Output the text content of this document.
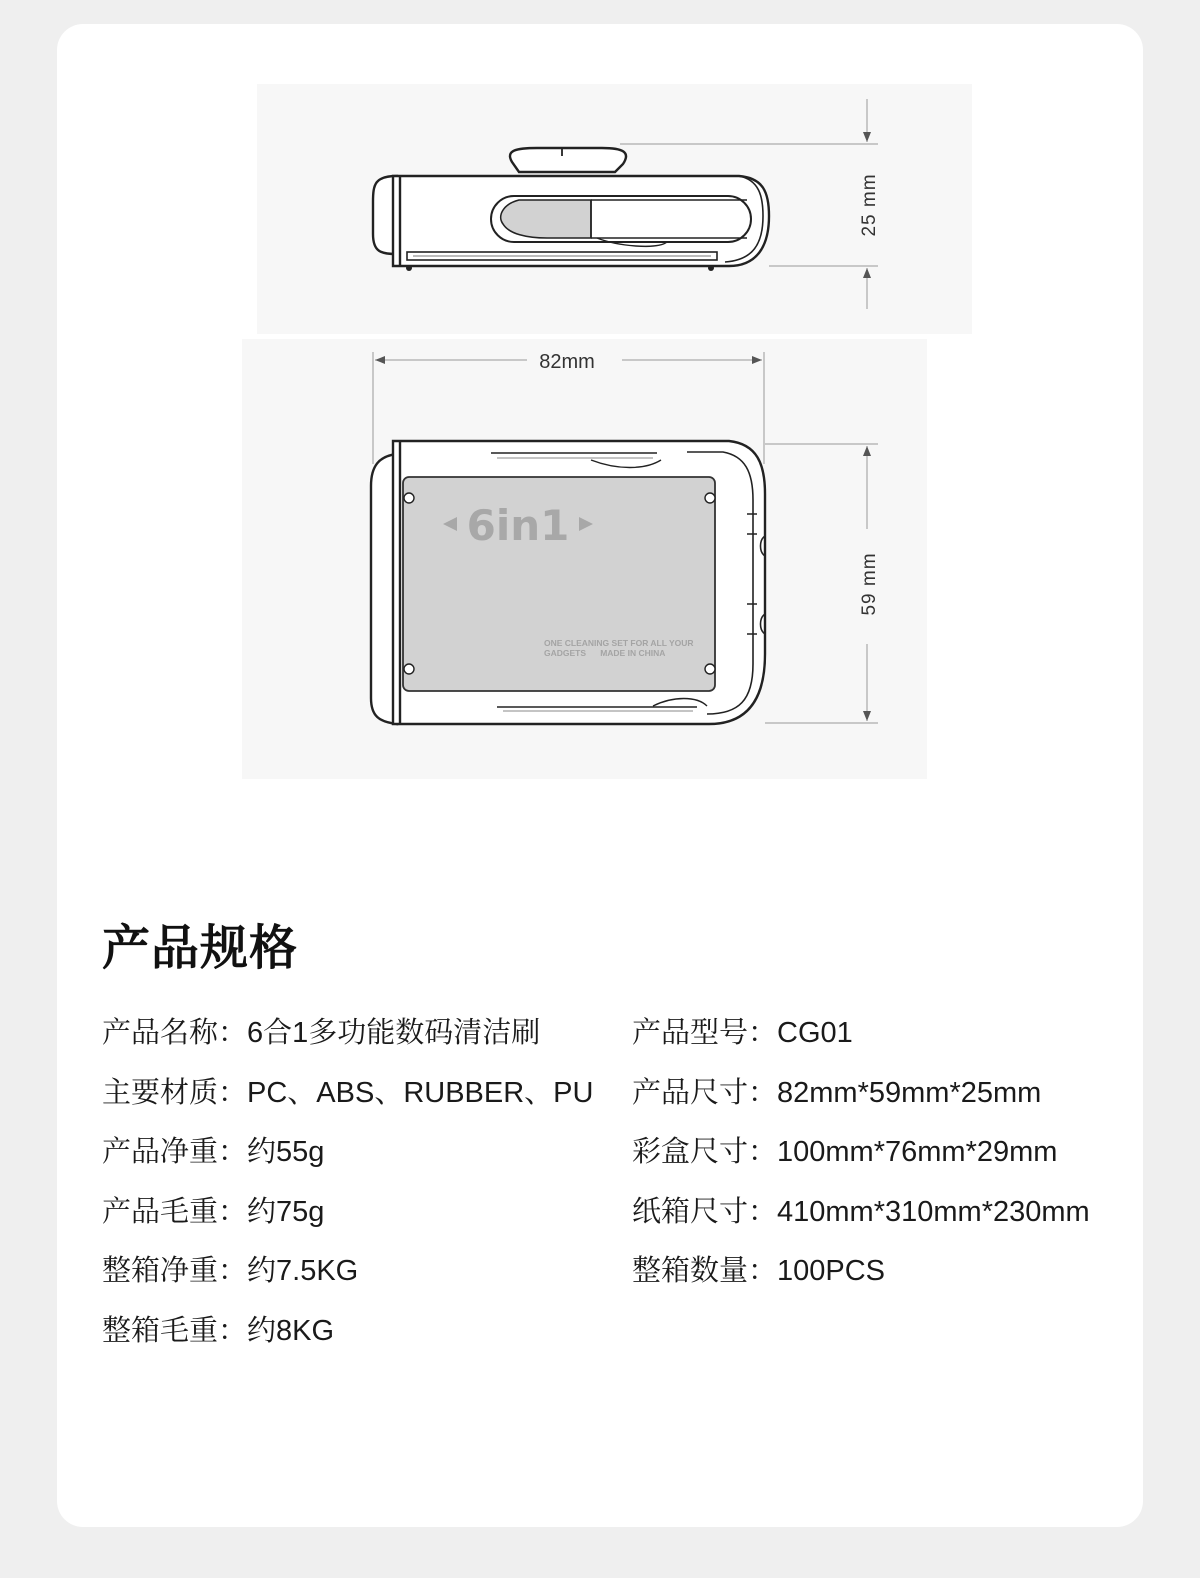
25 mm
82mm
6in1
ONE CLEANING SET FOR ALL YOUR
GADGETS      MADE IN CHINA
59 mm
产品规格
产品名称：6合1多功能数码清洁刷
主要材质：PC、ABS、RUBBER、PU
产品净重：约55g
产品毛重：约75g
整箱净重：约7.5KG
整箱毛重：约8KG
产品型号：CG01
产品尺寸：82mm*59mm*25mm
彩盒尺寸：100mm*76mm*29mm
纸箱尺寸：410mm*310mm*230mm
整箱数量：100PCS
